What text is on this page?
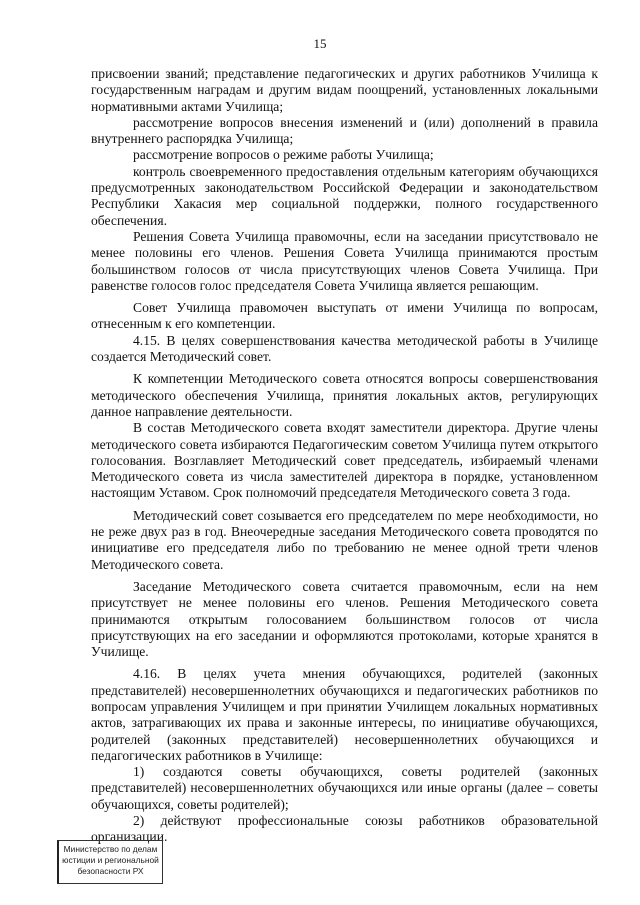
15

присвоении званий; представление педагогических и других работников Училища к государственным наградам и другим видам поощрений, установленных локальными нормативными актами Училища;

рассмотрение вопросов внесения изменений и (или) дополнений в правила внутреннего распорядка Училища;

рассмотрение вопросов о режиме работы Училища;

контроль своевременного предоставления отдельным категориям обучающихся предусмотренных законодательством Российской Федерации и законодательством Республики Хакасия мер социальной поддержки, полного государственного обеспечения.

Решения Совета Училища правомочны, если на заседании присутствовало не менее половины его членов. Решения Совета Училища принимаются простым большинством голосов от числа присутствующих членов Совета Училища. При равенстве голосов голос председателя Совета Училища является решающим.

Совет Училища правомочен выступать от имени Училища по вопросам, отнесенным к его компетенции.

4.15. В целях совершенствования качества методической работы в Училище создается Методический совет.

К компетенции Методического совета относятся вопросы совершенствования методического обеспечения Училища, принятия локальных актов, регулирующих данное направление деятельности.

В состав Методического совета входят заместители директора. Другие члены методического совета избираются Педагогическим советом Училища путем открытого голосования. Возглавляет Методический совет председатель, избираемый членами Методического совета из числа заместителей директора в порядке, установленном настоящим Уставом. Срок полномочий председателя Методического совета 3 года.

Методический совет созывается его председателем по мере необходимости, но не реже двух раз в год. Внеочередные заседания Методического совета проводятся по инициативе его председателя либо по требованию не менее одной трети членов Методического совета.

Заседание Методического совета считается правомочным, если на нем присутствует не менее половины его членов. Решения Методического совета принимаются открытым голосованием большинством голосов от числа присутствующих на его заседании и оформляются протоколами, которые хранятся в Училище.

4.16. В целях учета мнения обучающихся, родителей (законных представителей) несовершеннолетних обучающихся и педагогических работников по вопросам управления Училищем и при принятии Училищем локальных нормативных актов, затрагивающих их права и законные интересы, по инициативе обучающихся, родителей (законных представителей) несовершеннолетних обучающихся и педагогических работников в Училище:

1) создаются советы обучающихся, советы родителей (законных представителей) несовершеннолетних обучающихся или иные органы (далее – советы обучающихся, советы родителей);

2) действуют профессиональные союзы работников образовательной организации.

Министерство по делам
юстиции и региональной
безопасности РХ
